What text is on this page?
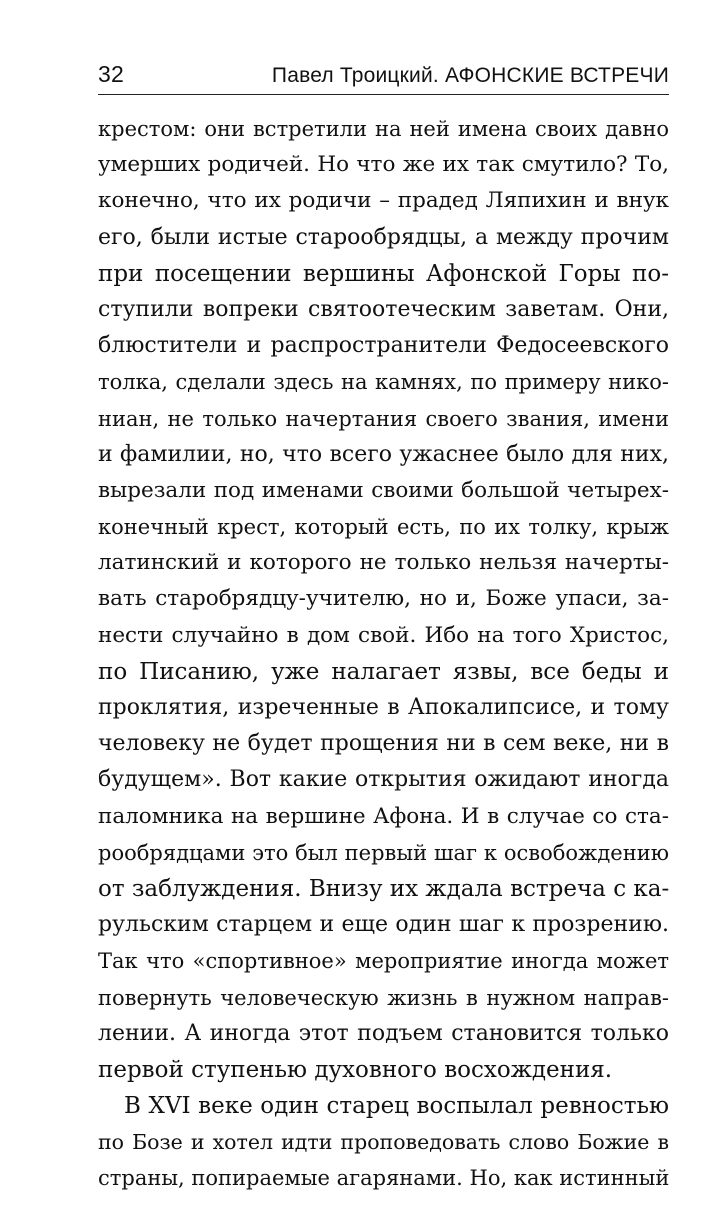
32	Павел Троицкий. АФОНСКИЕ ВСТРЕЧИ
крестом: они встретили на ней имена своих давно
умерших родичей. Но что же их так смутило? То,
конечно, что их родичи – прадед Ляпихин и внук
его, были истые старообрядцы, а между прочим
при посещении вершины Афонской Горы по-
ступили вопреки святоотеческим заветам. Они,
блюстители и распространители Федосеевского
толка, сделали здесь на камнях, по примеру нико-
ниан, не только начертания своего звания, имени
и фамилии, но, что всего ужаснее было для них,
вырезали под именами своими большой четырех-
конечный крест, который есть, по их толку, крыж
латинский и которого не только нельзя начерты-
вать старобрядцу-учителю, но и, Боже упаси, за-
нести случайно в дом свой. Ибо на того Христос,
по Писанию, уже налагает язвы, все беды и
проклятия, изреченные в Апокалипсисе, и тому
человеку не будет прощения ни в сем веке, ни в
будущем». Вот какие открытия ожидают иногда
паломника на вершине Афона. И в случае со ста-
рообрядцами это был первый шаг к освобождению
от заблуждения. Внизу их ждала встреча с ка-
рульским старцем и еще один шаг к прозрению.
Так что «спортивное» мероприятие иногда может
повернуть человеческую жизнь в нужном направ-
лении. А иногда этот подъем становится только
первой ступенью духовного восхождения.
В XVI веке один старец воспылал ревностью
по Бозе и хотел идти проповедовать слово Божие в
страны, попираемые агарянами. Но, как истинный
